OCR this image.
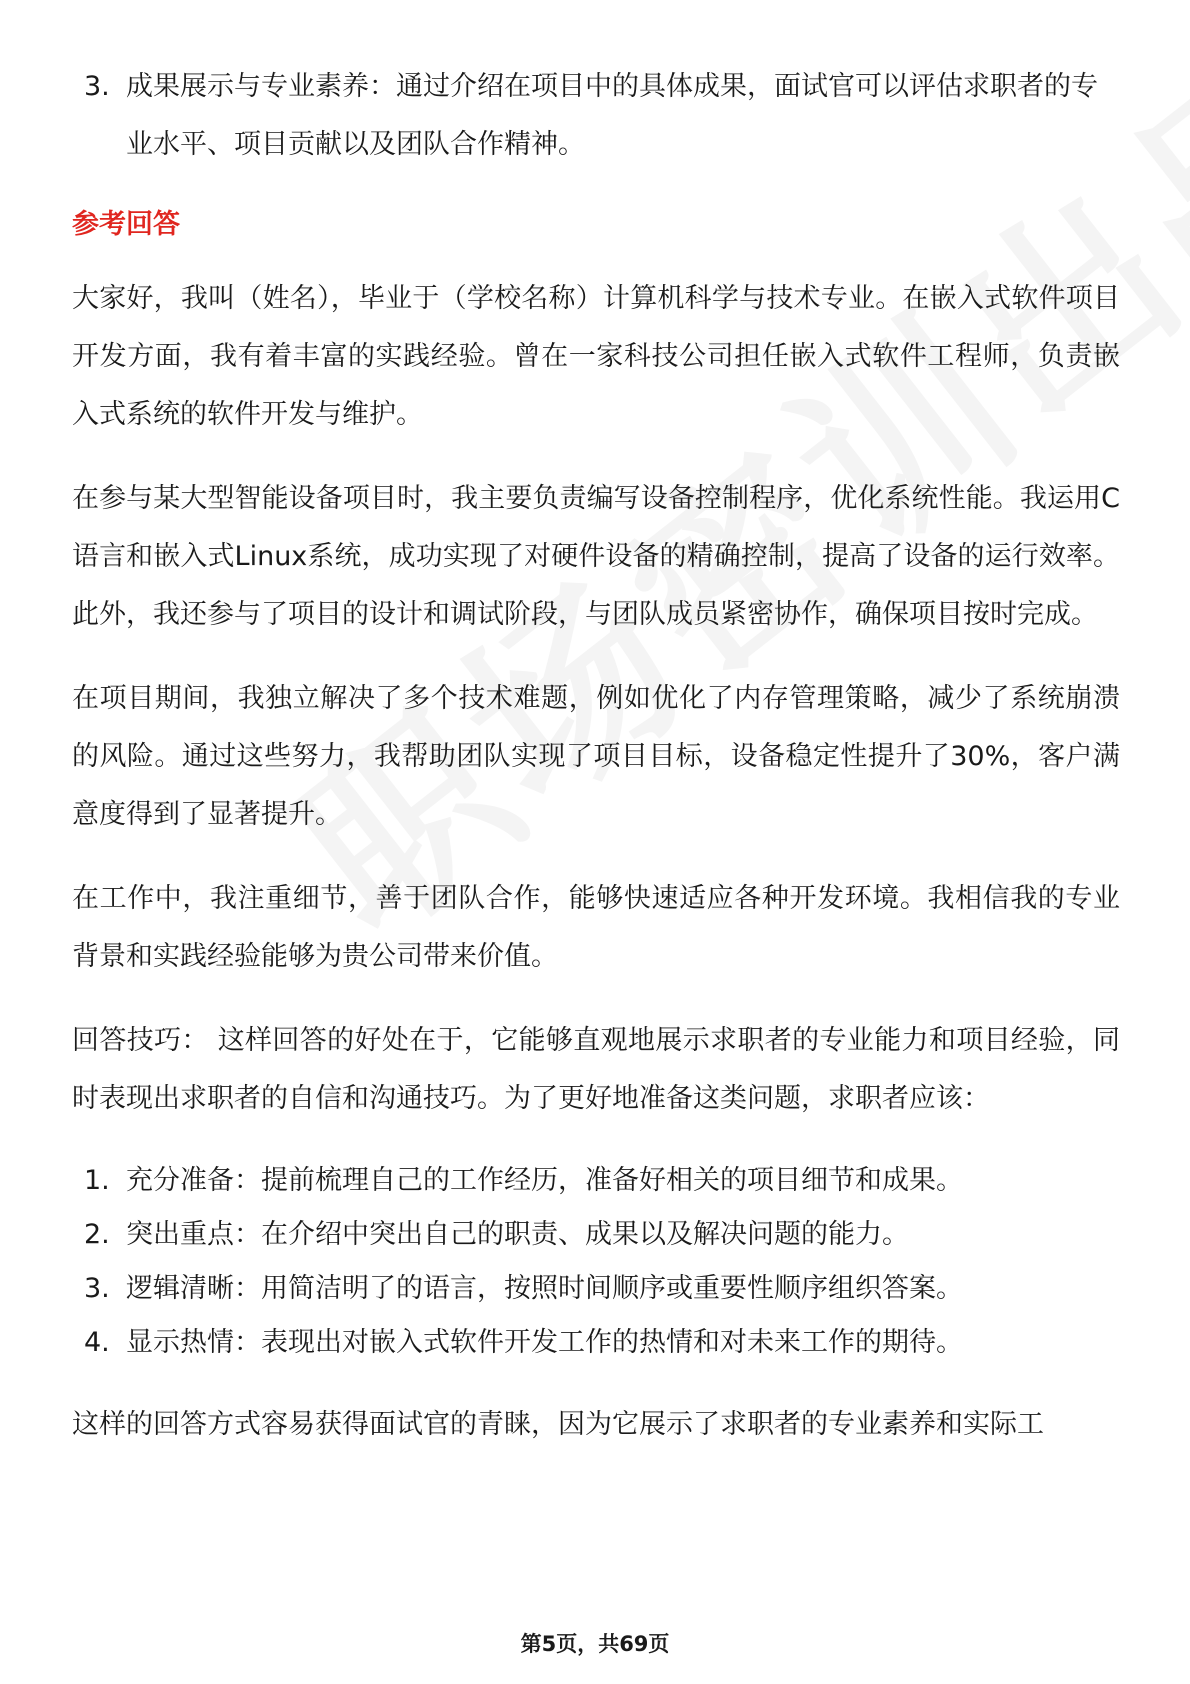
3. 成果展示与专业素养：通过介绍在项目中的具体成果，面试官可以评估求职者的专业水平、项目贡献以及团队合作精神。
参考回答

大家好，我叫（姓名），毕业于（学校名称）计算机科学与技术专业。在嵌入式软件项目开发方面，我有着丰富的实践经验。曾在一家科技公司担任嵌入式软件工程师，负责嵌入式系统的软件开发与维护。

在参与某大型智能设备项目时，我主要负责编写设备控制程序，优化系统性能。我运用C语言和嵌入式Linux系统，成功实现了对硬件设备的精确控制，提高了设备的运行效率。此外，我还参与了项目的设计和调试阶段，与团队成员紧密协作，确保项目按时完成。

在项目期间，我独立解决了多个技术难题，例如优化了内存管理策略，减少了系统崩溃的风险。通过这些努力，我帮助团队实现了项目目标，设备稳定性提升了30%，客户满意度得到了显著提升。

在工作中，我注重细节，善于团队合作，能够快速适应各种开发环境。我相信我的专业背景和实践经验能够为贵公司带来价值。

回答技巧： 这样回答的好处在于，它能够直观地展示求职者的专业能力和项目经验，同时表现出求职者的自信和沟通技巧。为了更好地准备这类问题，求职者应该：

1. 充分准备：提前梳理自己的工作经历，准备好相关的项目细节和成果。
2. 突出重点：在介绍中突出自己的职责、成果以及解决问题的能力。
3. 逻辑清晰：用简洁明了的语言，按照时间顺序或重要性顺序组织答案。
4. 显示热情：表现出对嵌入式软件开发工作的热情和对未来工作的期待。

这样的回答方式容易获得面试官的青睐，因为它展示了求职者的专业素养和实际工

第5页，共69页
